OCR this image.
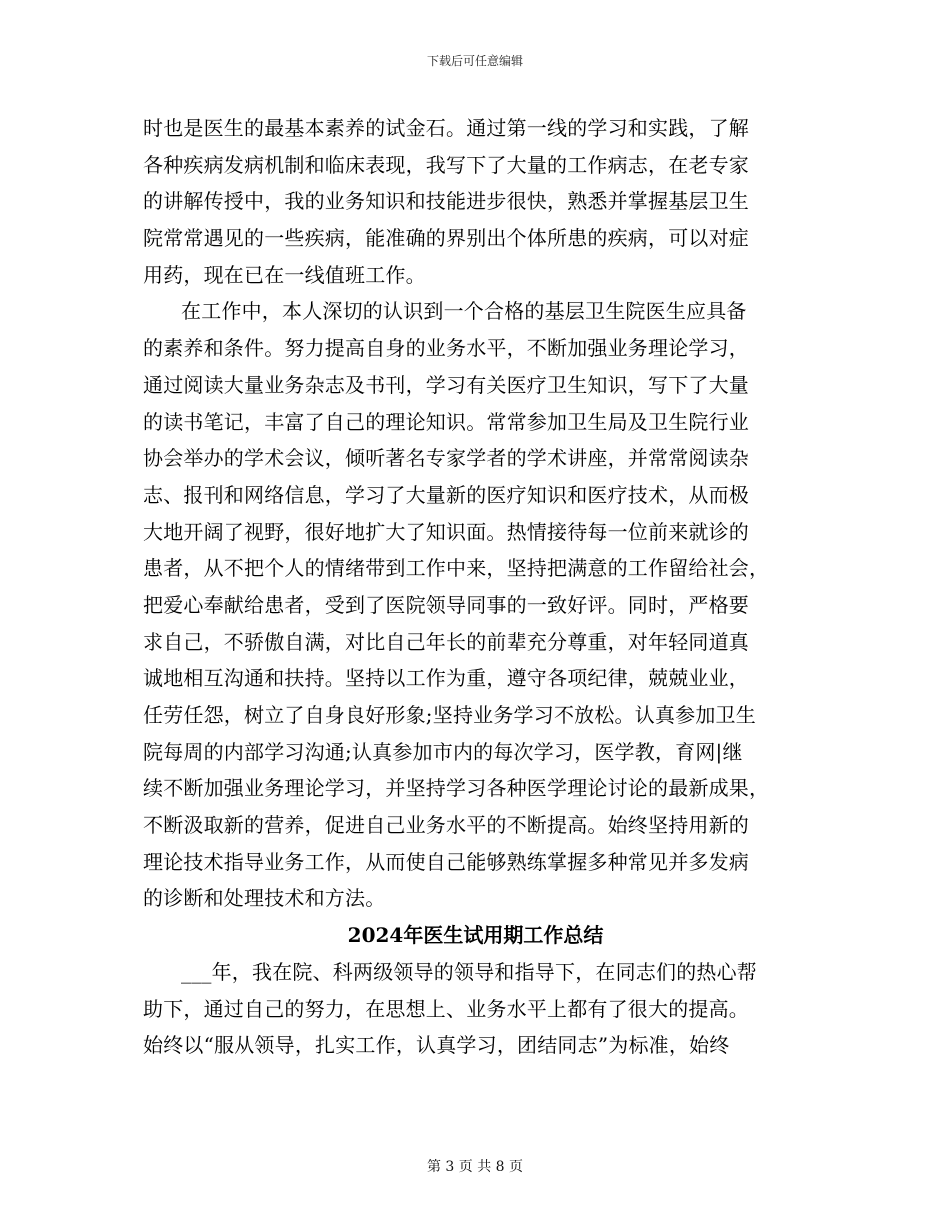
下载后可任意编辑
时也是医生的最基本素养的试金石。通过第一线的学习和实践，了解
各种疾病发病机制和临床表现，我写下了大量的工作病志，在老专家
的讲解传授中，我的业务知识和技能进步很快，熟悉并掌握基层卫生
院常常遇见的一些疾病，能准确的界别出个体所患的疾病，可以对症
用药，现在已在一线值班工作。
在工作中，本人深切的认识到一个合格的基层卫生院医生应具备
的素养和条件。努力提高自身的业务水平，不断加强业务理论学习，
通过阅读大量业务杂志及书刊，学习有关医疗卫生知识，写下了大量
的读书笔记，丰富了自己的理论知识。常常参加卫生局及卫生院行业
协会举办的学术会议，倾听著名专家学者的学术讲座，并常常阅读杂
志、报刊和网络信息，学习了大量新的医疗知识和医疗技术，从而极
大地开阔了视野，很好地扩大了知识面。热情接待每一位前来就诊的
患者，从不把个人的情绪带到工作中来，坚持把满意的工作留给社会，
把爱心奉献给患者，受到了医院领导同事的一致好评。同时，严格要
求自己，不骄傲自满，对比自己年长的前辈充分尊重，对年轻同道真
诚地相互沟通和扶持。坚持以工作为重，遵守各项纪律，兢兢业业，
任劳任怨，树立了自身良好形象;坚持业务学习不放松。认真参加卫生
院每周的内部学习沟通;认真参加市内的每次学习，医学教，育网|继
续不断加强业务理论学习，并坚持学习各种医学理论讨论的最新成果，
不断汲取新的营养，促进自己业务水平的不断提高。始终坚持用新的
理论技术指导业务工作，从而使自己能够熟练掌握多种常见并多发病
的诊断和处理技术和方法。
2024年医生试用期工作总结
___年，我在院、科两级领导的领导和指导下，在同志们的热心帮
助下，通过自己的努力，在思想上、业务水平上都有了很大的提高。
始终以“服从领导，扎实工作，认真学习，团结同志”为标准，始终
第 3 页 共 8 页
